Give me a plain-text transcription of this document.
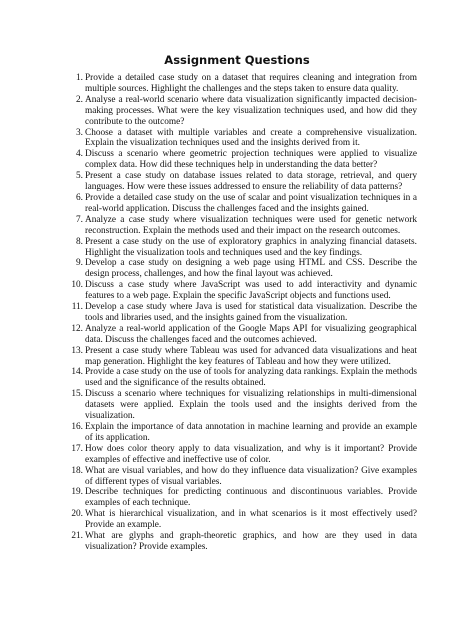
Assignment Questions
1. Provide a detailed case study on a dataset that requires cleaning and integration from multiple sources. Highlight the challenges and the steps taken to ensure data quality.
2. Analyse a real-world scenario where data visualization significantly impacted decision-making processes. What were the key visualization techniques used, and how did they contribute to the outcome?
3. Choose a dataset with multiple variables and create a comprehensive visualization. Explain the visualization techniques used and the insights derived from it.
4. Discuss a scenario where geometric projection techniques were applied to visualize complex data. How did these techniques help in understanding the data better?
5. Present a case study on database issues related to data storage, retrieval, and query languages. How were these issues addressed to ensure the reliability of data patterns?
6. Provide a detailed case study on the use of scalar and point visualization techniques in a real-world application. Discuss the challenges faced and the insights gained.
7. Analyze a case study where visualization techniques were used for genetic network reconstruction. Explain the methods used and their impact on the research outcomes.
8. Present a case study on the use of exploratory graphics in analyzing financial datasets. Highlight the visualization tools and techniques used and the key findings.
9. Develop a case study on designing a web page using HTML and CSS. Describe the design process, challenges, and how the final layout was achieved.
10. Discuss a case study where JavaScript was used to add interactivity and dynamic features to a web page. Explain the specific JavaScript objects and functions used.
11. Develop a case study where Java is used for statistical data visualization. Describe the tools and libraries used, and the insights gained from the visualization.
12. Analyze a real-world application of the Google Maps API for visualizing geographical data. Discuss the challenges faced and the outcomes achieved.
13. Present a case study where Tableau was used for advanced data visualizations and heat map generation. Highlight the key features of Tableau and how they were utilized.
14. Provide a case study on the use of tools for analyzing data rankings. Explain the methods used and the significance of the results obtained.
15. Discuss a scenario where techniques for visualizing relationships in multi-dimensional datasets were applied. Explain the tools used and the insights derived from the visualization.
16. Explain the importance of data annotation in machine learning and provide an example of its application.
17. How does color theory apply to data visualization, and why is it important? Provide examples of effective and ineffective use of color.
18. What are visual variables, and how do they influence data visualization? Give examples of different types of visual variables.
19. Describe techniques for predicting continuous and discontinuous variables. Provide examples of each technique.
20. What is hierarchical visualization, and in what scenarios is it most effectively used? Provide an example.
21. What are glyphs and graph-theoretic graphics, and how are they used in data visualization? Provide examples.
